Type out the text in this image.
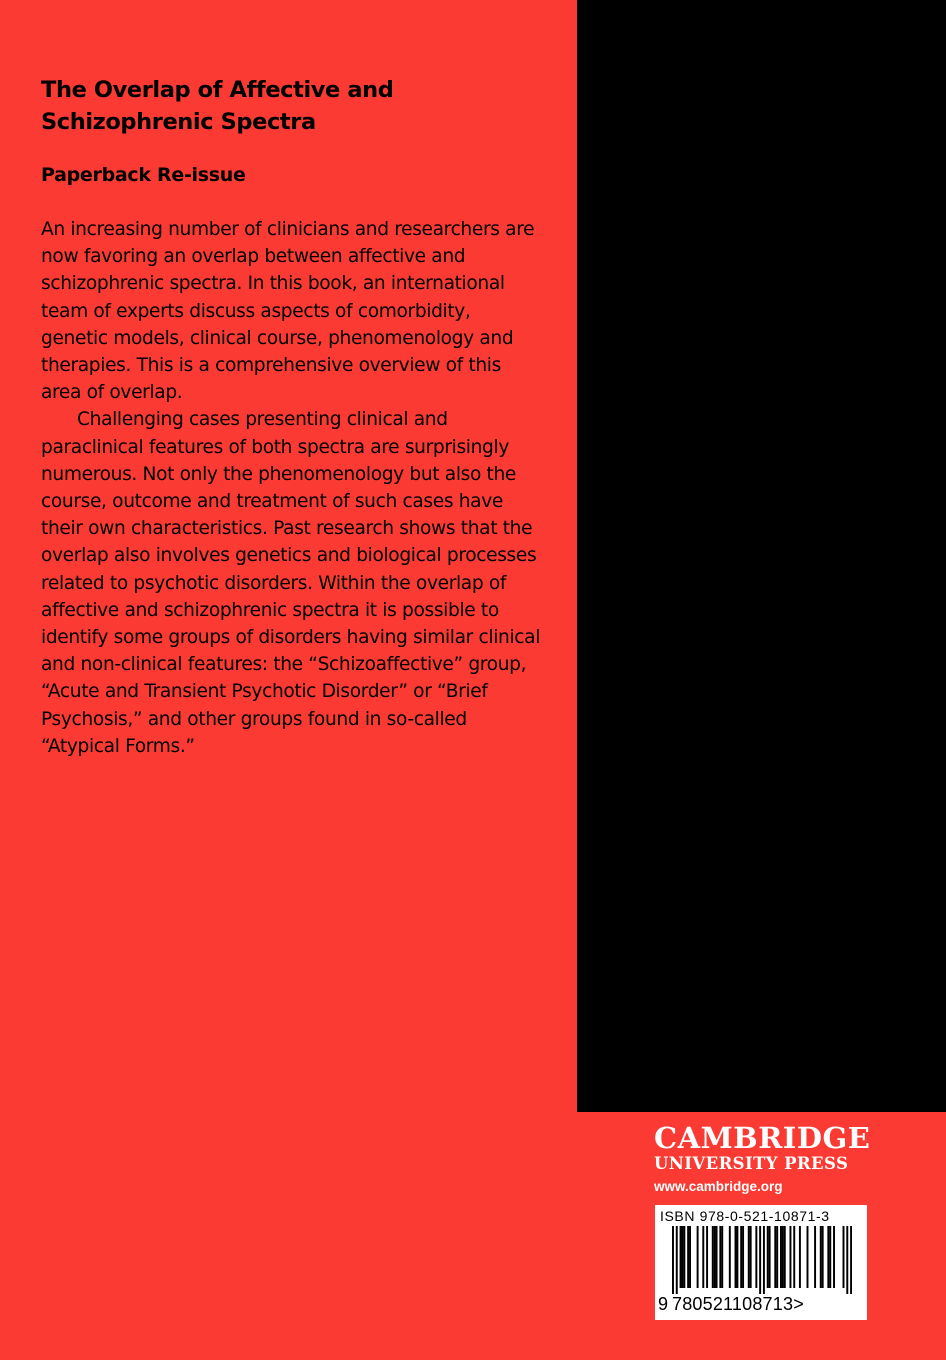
The Overlap of Affective and Schizophrenic Spectra
Paperback Re-issue

An increasing number of clinicians and researchers are now favoring an overlap between affective and schizophrenic spectra. In this book, an international team of experts discuss aspects of comorbidity, genetic models, clinical course, phenomenology and therapies. This is a comprehensive overview of this area of overlap.

Challenging cases presenting clinical and paraclinical features of both spectra are surprisingly numerous. Not only the phenomenology but also the course, outcome and treatment of such cases have their own characteristics. Past research shows that the overlap also involves genetics and biological processes related to psychotic disorders. Within the overlap of affective and schizophrenic spectra it is possible to identify some groups of disorders having similar clinical and non-clinical features: the “Schizoaffective” group, “Acute and Transient Psychotic Disorder” or “Brief Psychosis,” and other groups found in so-called “Atypical Forms.”

CAMBRIDGE
UNIVERSITY PRESS
www.cambridge.org
ISBN 978-0-521-10871-3
9 780521108713>
